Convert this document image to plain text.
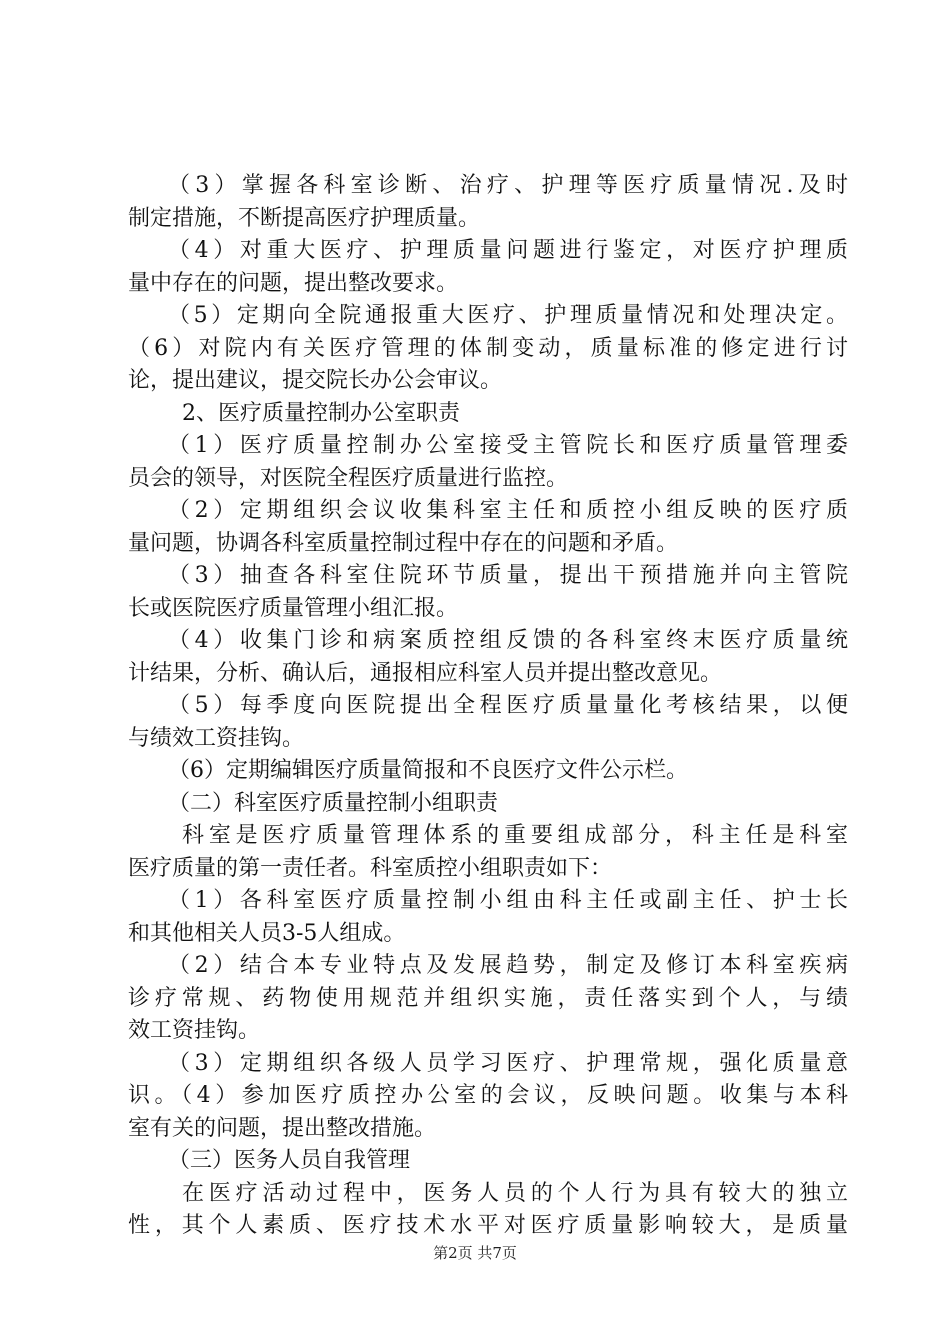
（3）掌握各科室诊断、治疗、护理等医疗质量情况.及时
制定措施，不断提高医疗护理质量。
（4）对重大医疗、护理质量问题进行鉴定，对医疗护理质
量中存在的问题，提出整改要求。
（5）定期向全院通报重大医疗、护理质量情况和处理决定。
（6）对院内有关医疗管理的体制变动，质量标准的修定进行讨
论，提出建议，提交院长办公会审议。
2、医疗质量控制办公室职责
（1）医疗质量控制办公室接受主管院长和医疗质量管理委
员会的领导，对医院全程医疗质量进行监控。
（2）定期组织会议收集科室主任和质控小组反映的医疗质
量问题，协调各科室质量控制过程中存在的问题和矛盾。
（3）抽查各科室住院环节质量，提出干预措施并向主管院
长或医院医疗质量管理小组汇报。
（4）收集门诊和病案质控组反馈的各科室终末医疗质量统
计结果，分析、确认后，通报相应科室人员并提出整改意见。
（5）每季度向医院提出全程医疗质量量化考核结果，以便
与绩效工资挂钩。
（6）定期编辑医疗质量简报和不良医疗文件公示栏。
（二）科室医疗质量控制小组职责
科室是医疗质量管理体系的重要组成部分，科主任是科室
医疗质量的第一责任者。科室质控小组职责如下：
（1）各科室医疗质量控制小组由科主任或副主任、护士长
和其他相关人员3-5人组成。
（2）结合本专业特点及发展趋势，制定及修订本科室疾病
诊疗常规、药物使用规范并组织实施，责任落实到个人，与绩
效工资挂钩。
（3）定期组织各级人员学习医疗、护理常规，强化质量意
识。（4）参加医疗质控办公室的会议，反映问题。收集与本科
室有关的问题，提出整改措施。
（三）医务人员自我管理
在医疗活动过程中，医务人员的个人行为具有较大的独立
性，其个人素质、医疗技术水平对医疗质量影响较大，是质量
第2页 共7页
